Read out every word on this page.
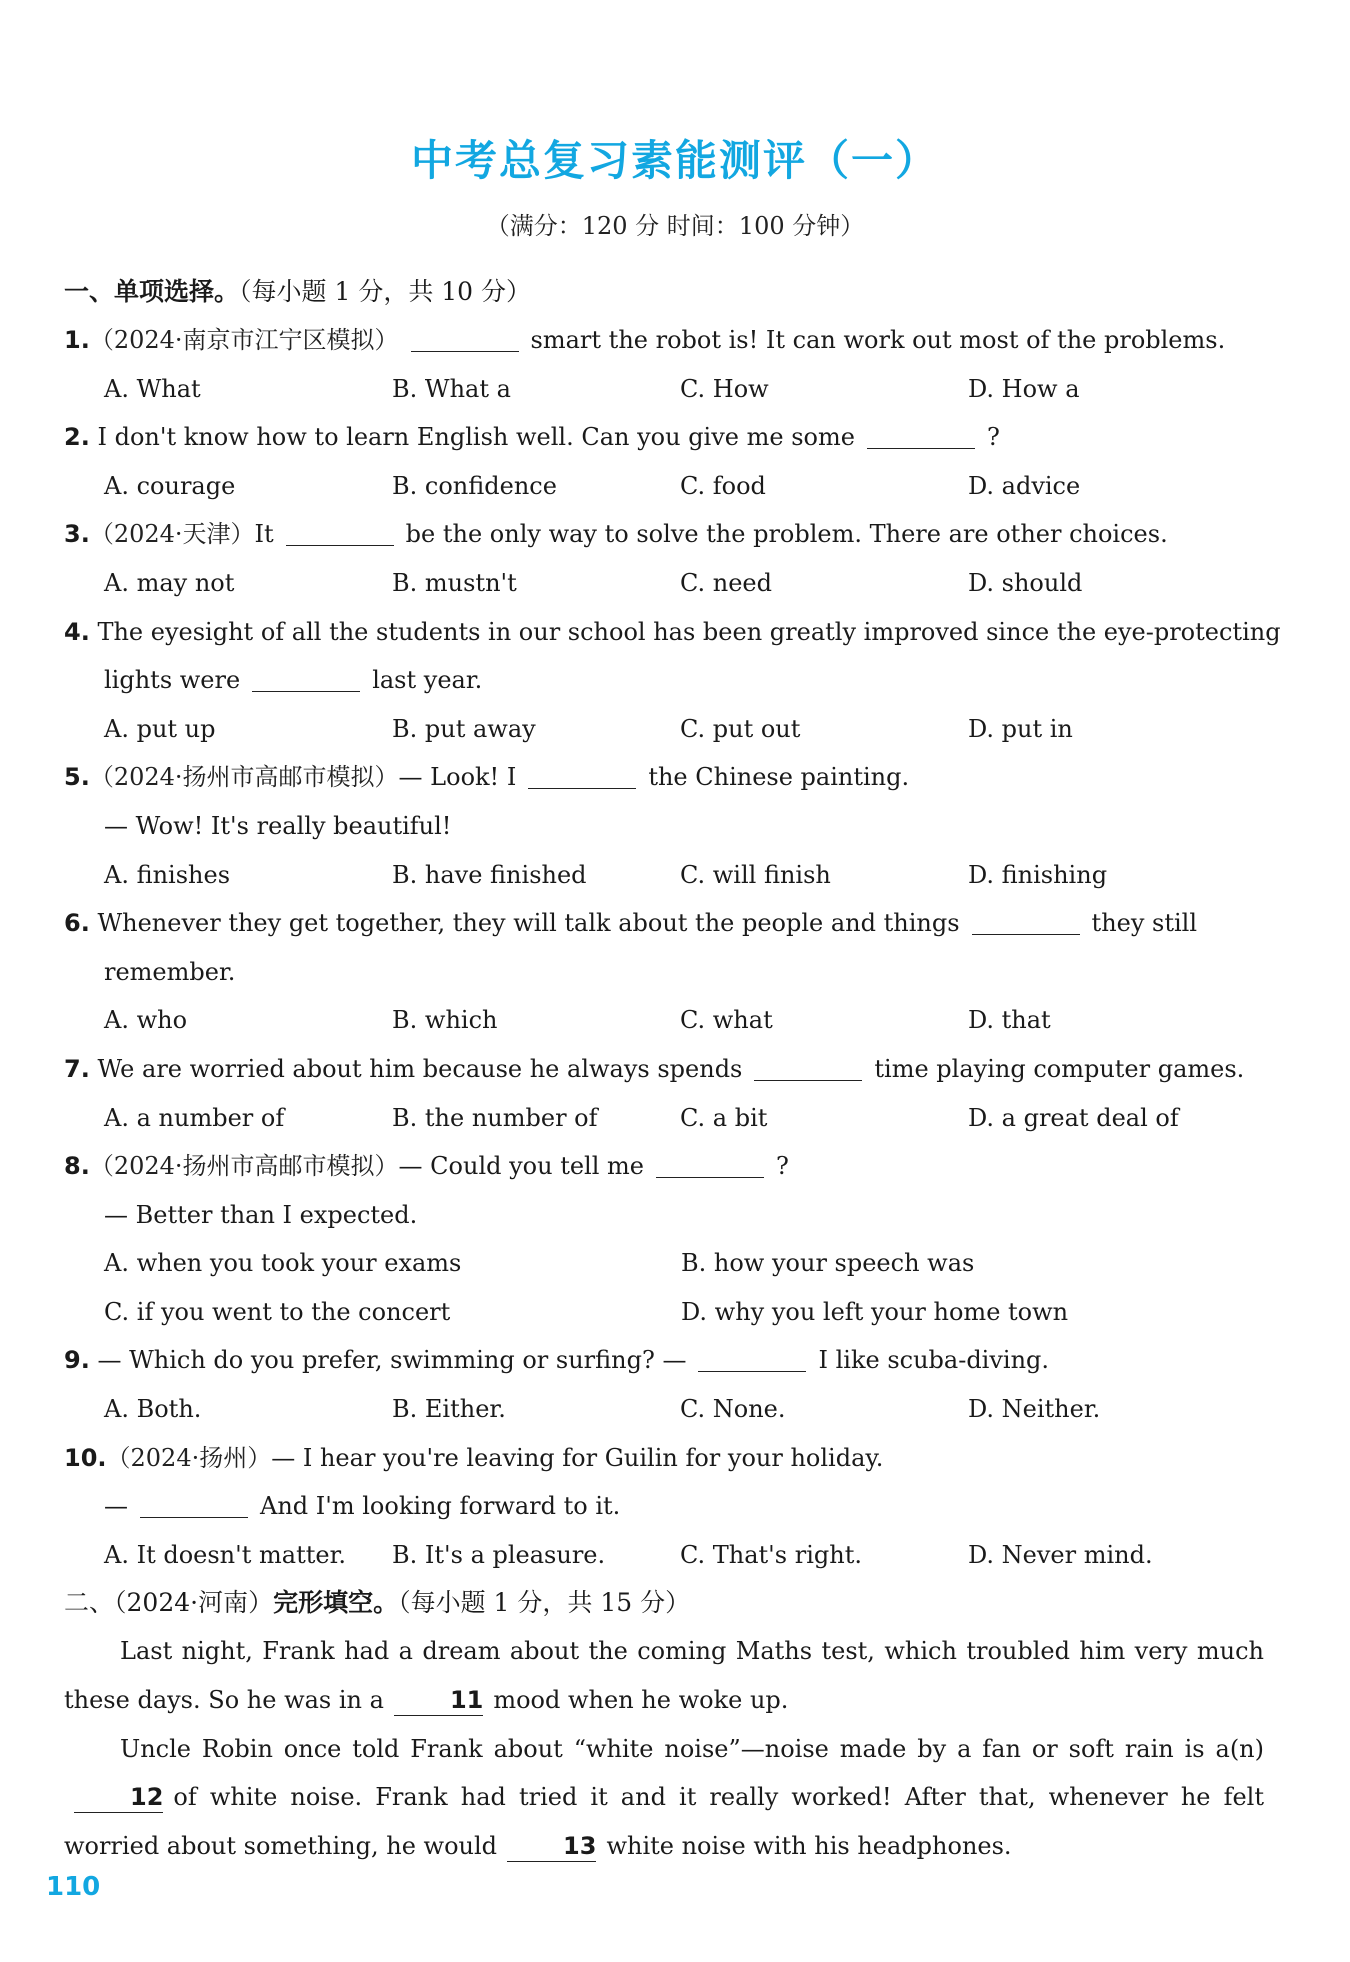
中考总复习素能测评（一）
（满分：120 分 时间：100 分钟）
一、单项选择。（每小题 1 分，共 10 分）
1.（2024·南京市江宁区模拟）	smart the robot is! It can work out most of the problems.
A. What	B. What a	C. How	D. How a
2. I don't know how to learn English well. Can you give me some	?
A. courage	B. confidence	C. food	D. advice
3.（2024·天津）It	be the only way to solve the problem. There are other choices.
A. may not	B. mustn't	C. need	D. should
4. The eyesight of all the students in our school has been greatly improved since the eye-protecting
lights were	last year.
A. put up	B. put away	C. put out	D. put in
5.（2024·扬州市高邮市模拟）— Look! I	the Chinese painting.
— Wow! It's really beautiful!
A. finishes	B. have finished	C. will finish	D. finishing
6. Whenever they get together, they will talk about the people and things	they still
remember.
A. who	B. which	C. what	D. that
7. We are worried about him because he always spends	time playing computer games.
A. a number of	B. the number of	C. a bit	D. a great deal of
8.（2024·扬州市高邮市模拟）— Could you tell me	?
— Better than I expected.
A. when you took your exams	B. how your speech was
C. if you went to the concert	D. why you left your home town
9. — Which do you prefer, swimming or surfing? —	I like scuba-diving.
A. Both.	B. Either.	C. None.	D. Neither.
10.（2024·扬州）— I hear you're leaving for Guilin for your holiday.
—	And I'm looking forward to it.
A. It doesn't matter.	B. It's a pleasure.	C. That's right.	D. Never mind.
二、（2024·河南）完形填空。（每小题 1 分，共 15 分）

Last night, Frank had a dream about the coming Maths test, which troubled him very much these days. So he was in a	11 mood when he woke up.

Uncle Robin once told Frank about “white noise”—noise made by a fan or soft rain is a(n) 12 of white noise. Frank had tried it and it really worked! After that, whenever he felt worried about something, he would	13 white noise with his headphones.

110
